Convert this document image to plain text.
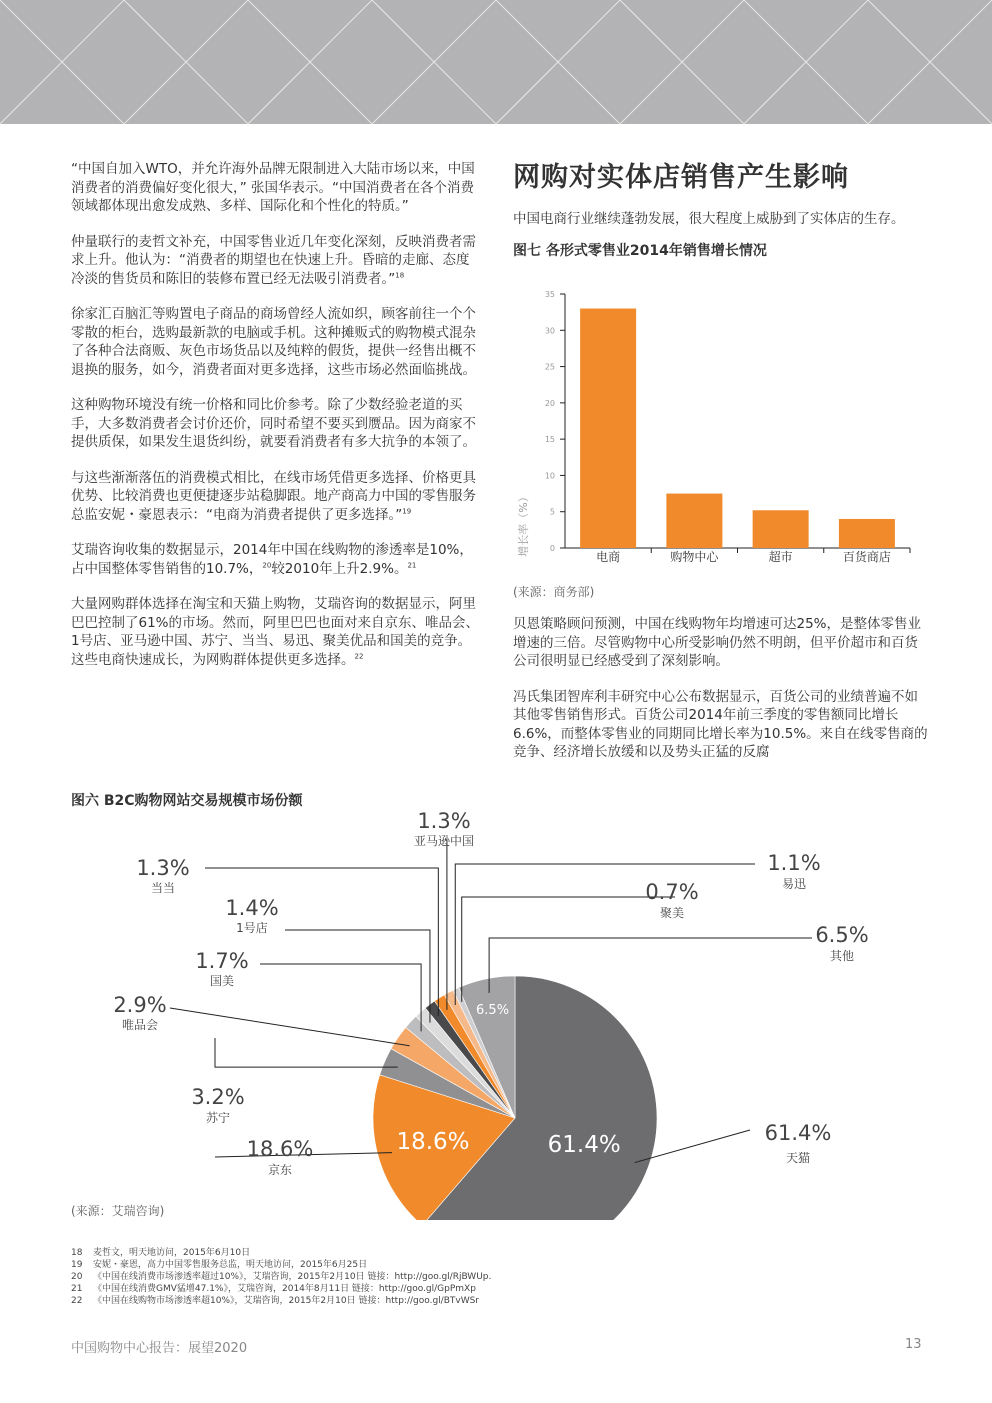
“中国自加入WTO，并允许海外品牌无限制进入大陆市场以来，中国消费者的消费偏好变化很大，” 张国华表示。“中国消费者在各个消费领域都体现出愈发成熟、多样、国际化和个性化的特质。”

仲量联行的麦哲文补充，中国零售业近几年变化深刻，反映消费者需求上升。他认为：“消费者的期望也在快速上升。昏暗的走廊、态度冷淡的售货员和陈旧的装修布置已经无法吸引消费者。”$^{18}$

徐家汇百脑汇等购置电子商品的商场曾经人流如织，顾客前往一个个零散的柜台，选购最新款的电脑或手机。这种摊贩式的购物模式混杂了各种合法商贩、灰色市场货品以及纯粹的假货，提供一经售出概不退换的服务，如今，消费者面对更多选择，这些市场必然面临挑战。

这种购物环境没有统一价格和同比价参考。除了少数经验老道的买手，大多数消费者会讨价还价，同时希望不要买到赝品。因为商家不提供质保，如果发生退货纠纷，就要看消费者有多大抗争的本领了。

与这些渐渐落伍的消费模式相比，在线市场凭借更多选择、价格更具优势、比较消费也更便捷逐步站稳脚跟。地产商高力中国的零售服务总监安妮・豪恩表示：“电商为消费者提供了更多选择。”$^{19}$

艾瑞咨询收集的数据显示，2014年中国在线购物的渗透率是10%，占中国整体零售销售的10.7%，$^{20}$较2010年上升2.9%。$^{21}$

大量网购群体选择在淘宝和天猫上购物，艾瑞咨询的数据显示，阿里巴巴控制了61%的市场。然而，阿里巴巴也面对来自京东、唯品会、1号店、亚马逊中国、苏宁、当当、易迅、聚美优品和国美的竞争。这些电商快速成长，为网购群体提供更多选择。$^{22}$

网购对实体店销售产生影响
中国电商行业继续蓬勃发展，很大程度上威胁到了实体店的生存。
图七 各形式零售业2014年销售增长情况
0
5
10
15
20
25
30
35
电商	购物中心	超市	百货商店
增长率（%）
(来源：商务部)

贝恩策略顾问预测，中国在线购物年均增速可达25%，是整体零售业增速的三倍。尽管购物中心所受影响仍然不明朗，但平价超市和百货公司很明显已经感受到了深刻影响。

冯氏集团智库利丰研究中心公布数据显示，百货公司的业绩普遍不如其他零售销售形式。百货公司2014年前三季度的零售额同比增长6.6%，而整体零售业的同期同比增长率为10.5%。来自在线零售商的竞争、经济增长放缓和以及势头正猛的反腐

图六 B2C购物网站交易规模市场份额
61.4%
18.6%
6.5%
61.4%
天猫
18.6%
京东
3.2%
苏宁
2.9%
唯品会
1.7%
国美
1.4%
1号店
1.3%
当当
1.3%
亚马逊中国
1.1%
易迅
0.7%
聚美
6.5%
其他
(来源：艾瑞咨询)
18 麦哲文，明天地访问，2015年6月10日
19 安妮・豪恩，高力中国零售服务总监，明天地访问，2015年6月25日
20 《中国在线消费市场渗透率超过10%》，艾瑞咨询，2015年2月10日 链接：http://goo.gl/RjBWUp.
21 《中国在线消费GMV猛增47.1%》，艾瑞咨询，2014年8月11日 链接：http://goo.gl/GpPmXp
22 《中国在线购物市场渗透率超10%》，艾瑞咨询，2015年2月10日 链接：http://goo.gl/BTvWSr
中国购物中心报告：展望2020	13
